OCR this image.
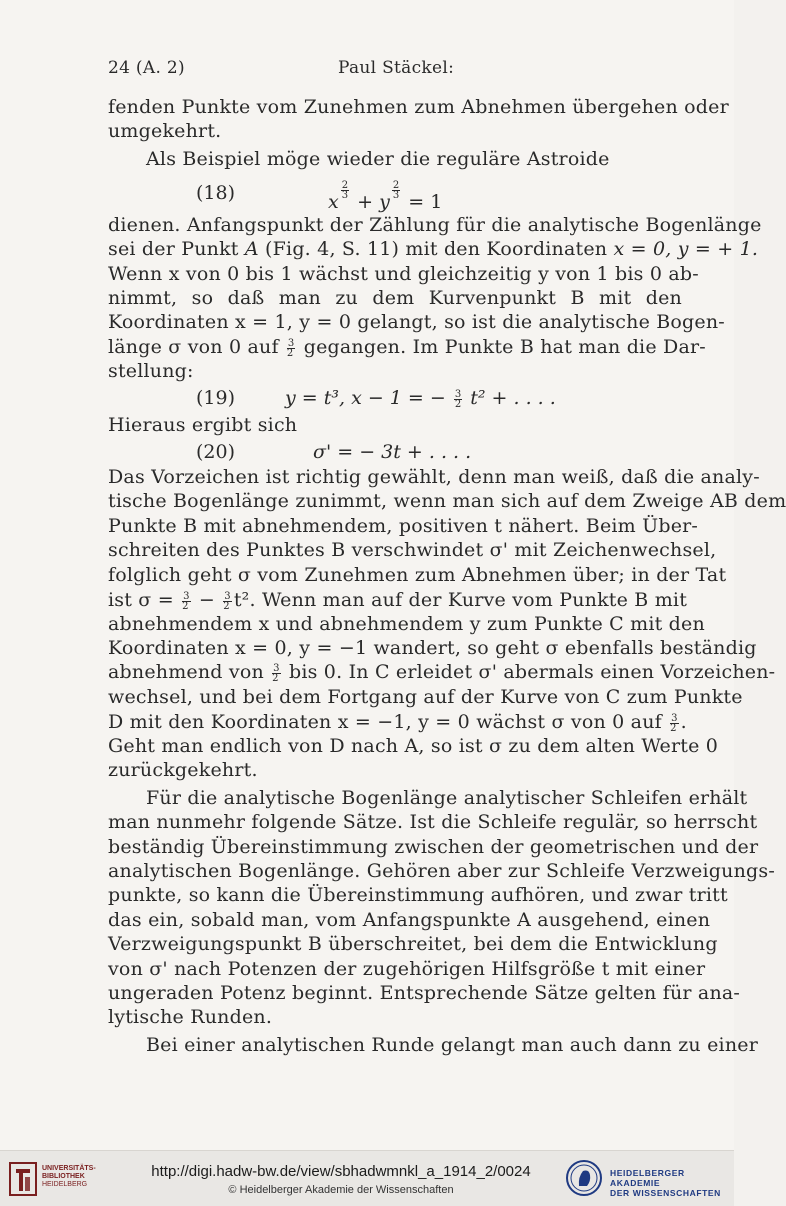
24 (A. 2)	Paul Stäckel:
fenden Punkte vom Zunehmen zum Abnehmen übergehen oder
umgekehrt.
Als Beispiel möge wieder die reguläre Astroide
(18)	x
$\frac{2}{3}$
+ y
$\frac{2}{3}$
= 1
dienen. Anfangspunkt der Zählung für die analytische Bogenlänge
sei der Punkt A (Fig. 4, S. 11) mit den Koordinaten x = 0, y = + 1.
Wenn x von 0 bis 1 wächst und gleichzeitig y von 1 bis 0 ab-
nimmt, so daß man zu dem Kurvenpunkt B mit den
Koordinaten x = 1, y = 0 gelangt, so ist die analytische Bogen-
länge σ von 0 auf $\frac{3}{2}$ gegangen. Im Punkte B hat man die Dar-
stellung:
(19)	y = t³, x − 1 = − $\frac{3}{2} t^2$ + . . . .
Hieraus ergibt sich
(20)	σ' = − 3t + . . . .
Das Vorzeichen ist richtig gewählt, denn man weiß, daß die analy-
tische Bogenlänge zunimmt, wenn man sich auf dem Zweige AB dem
Punkte B mit abnehmendem, positiven t nähert. Beim Über-
schreiten des Punktes B verschwindet σ' mit Zeichenwechsel,
folglich geht σ vom Zunehmen zum Abnehmen über; in der Tat
ist $\sigma = \frac{3}{2} - \frac{3}{2} t^2$. Wenn man auf der Kurve vom Punkte B mit
abnehmendem x und abnehmendem y zum Punkte C mit den
Koordinaten x = 0, y = −1 wandert, so geht σ ebenfalls beständig
abnehmend von $\frac{3}{2}$ bis 0. In C erleidet σ' abermals einen Vorzeichen-
wechsel, und bei dem Fortgang auf der Kurve von C zum Punkte
D mit den Koordinaten x = −1, y = 0 wächst σ von 0 auf $\frac{3}{2}$ .
Geht man endlich von D nach A, so ist σ zu dem alten Werte 0
zurückgekehrt.
Für die analytische Bogenlänge analytischer Schleifen erhält
man nunmehr folgende Sätze. Ist die Schleife regulär, so herrscht
beständig Übereinstimmung zwischen der geometrischen und der
analytischen Bogenlänge. Gehören aber zur Schleife Verzweigungs-
punkte, so kann die Übereinstimmung aufhören, und zwar tritt
das ein, sobald man, vom Anfangspunkte A ausgehend, einen
Verzweigungspunkt B überschreitet, bei dem die Entwicklung
von σ' nach Potenzen der zugehörigen Hilfsgröße t mit einer
ungeraden Potenz beginnt. Entsprechende Sätze gelten für ana-
lytische Runden.
Bei einer analytischen Runde gelangt man auch dann zu einer
UNIVERSITÄTS-
BIBLIOTHEK
HEIDELBERG
http://digi.hadw-bw.de/view/sbhadwmnkl_a_1914_2/0024
© Heidelberger Akademie der Wissenschaften
HEIDELBERGER AKADEMIE
DER WISSENSCHAFTEN
